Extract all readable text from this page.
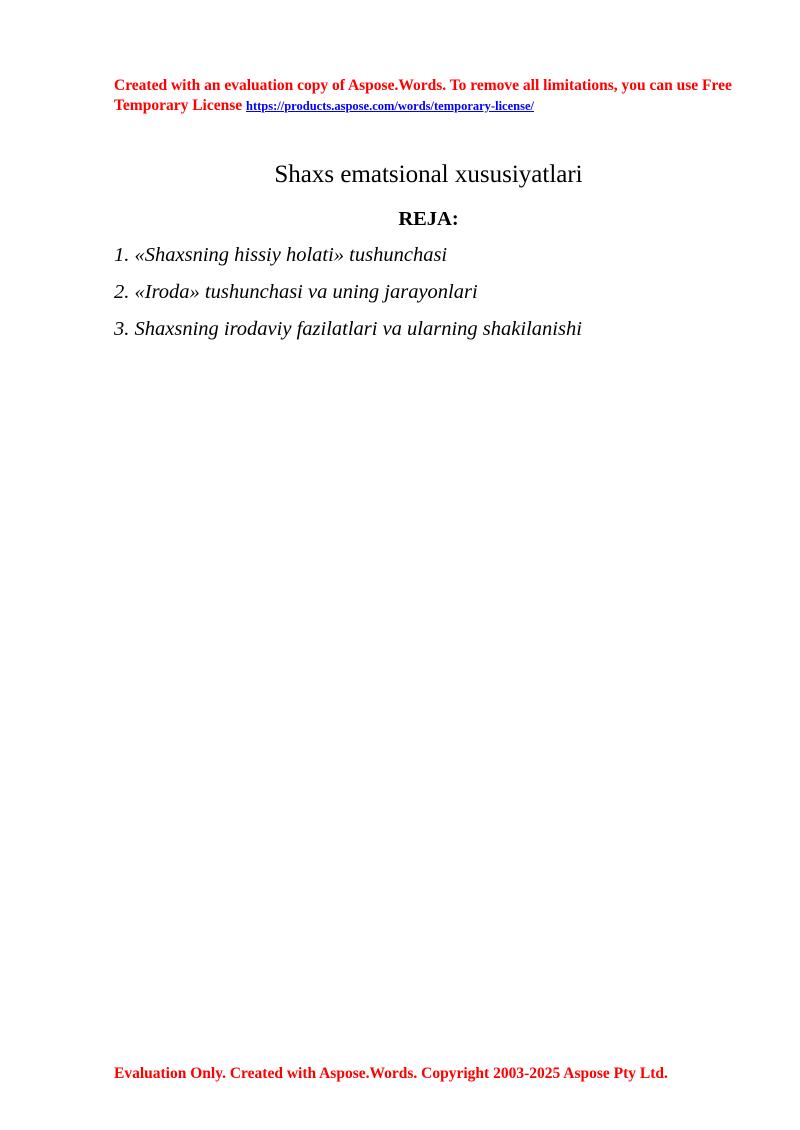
Created with an evaluation copy of Aspose.Words. To remove all limitations, you can use Free Temporary License https://products.aspose.com/words/temporary-license/
Shaxs ematsional xususiyatlari
REJA:
1. «Shaxsning hissiy holati» tushunchasi
2. «Iroda» tushunchasi va uning jarayonlari
3. Shaxsning irodaviy fazilatlari va ularning shakilanishi
Evaluation Only. Created with Aspose.Words. Copyright 2003-2025 Aspose Pty Ltd.
